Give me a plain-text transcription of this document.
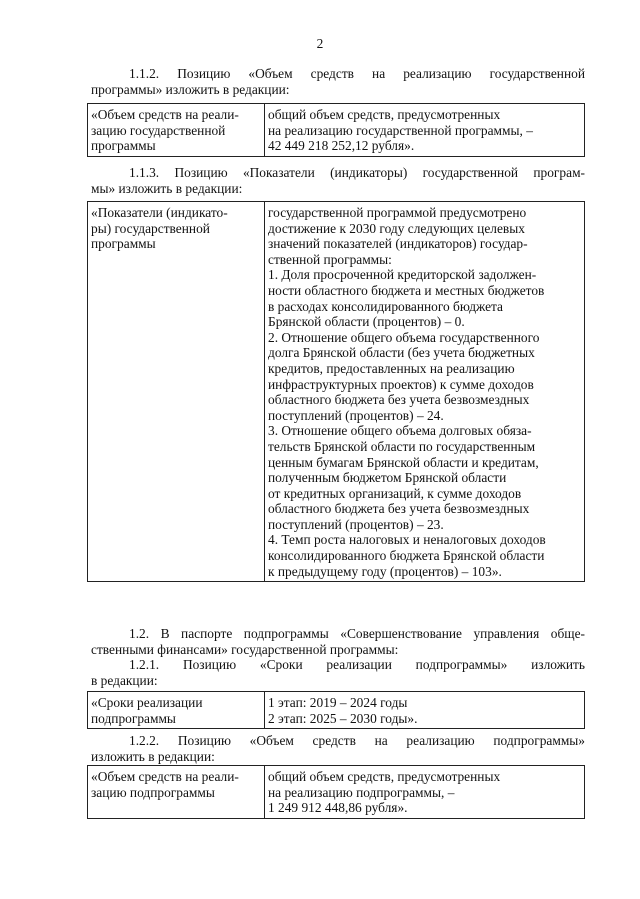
2
1.1.2. Позицию «Объем средств на реализацию государственной
программы» изложить в редакции:
«Объем средств на реали-
зацию государственной
программы

общий объем средств, предусмотренных
на реализацию государственной программы, –
42 449 218 252,12 рубля».
1.1.3. Позицию «Показатели (индикаторы) государственной програм-
мы» изложить в редакции:
«Показатели (индикато-
ры) государственной
программы

государственной программой предусмотрено
достижение к 2030 году следующих целевых
значений показателей (индикаторов) государ-
ственной программы:
1. Доля просроченной кредиторской задолжен-
ности областного бюджета и местных бюджетов
в расходах консолидированного бюджета
Брянской области (процентов) – 0.
2. Отношение общего объема государственного
долга Брянской области (без учета бюджетных
кредитов, предоставленных на реализацию
инфраструктурных проектов) к сумме доходов
областного бюджета без учета безвозмездных
поступлений (процентов) – 24.
3. Отношение общего объема долговых обяза-
тельств Брянской области по государственным
ценным бумагам Брянской области и кредитам,
полученным бюджетом Брянской области
от кредитных организаций, к сумме доходов
областного бюджета без учета безвозмездных
поступлений (процентов) – 23.
4. Темп роста налоговых и неналоговых доходов
консолидированного бюджета Брянской области
к предыдущему году (процентов) – 103».
1.2. В паспорте подпрограммы «Совершенствование управления обще-
ственными финансами» государственной программы:
1.2.1. Позицию «Сроки реализации подпрограммы» изложить
в редакции:
«Сроки реализации
подпрограммы

1 этап: 2019 – 2024 годы
2 этап: 2025 – 2030 годы».
1.2.2. Позицию «Объем средств на реализацию подпрограммы»
изложить в редакции:
«Объем средств на реали-
зацию подпрограммы

общий объем средств, предусмотренных
на реализацию подпрограммы, –
1 249 912 448,86 рубля».
